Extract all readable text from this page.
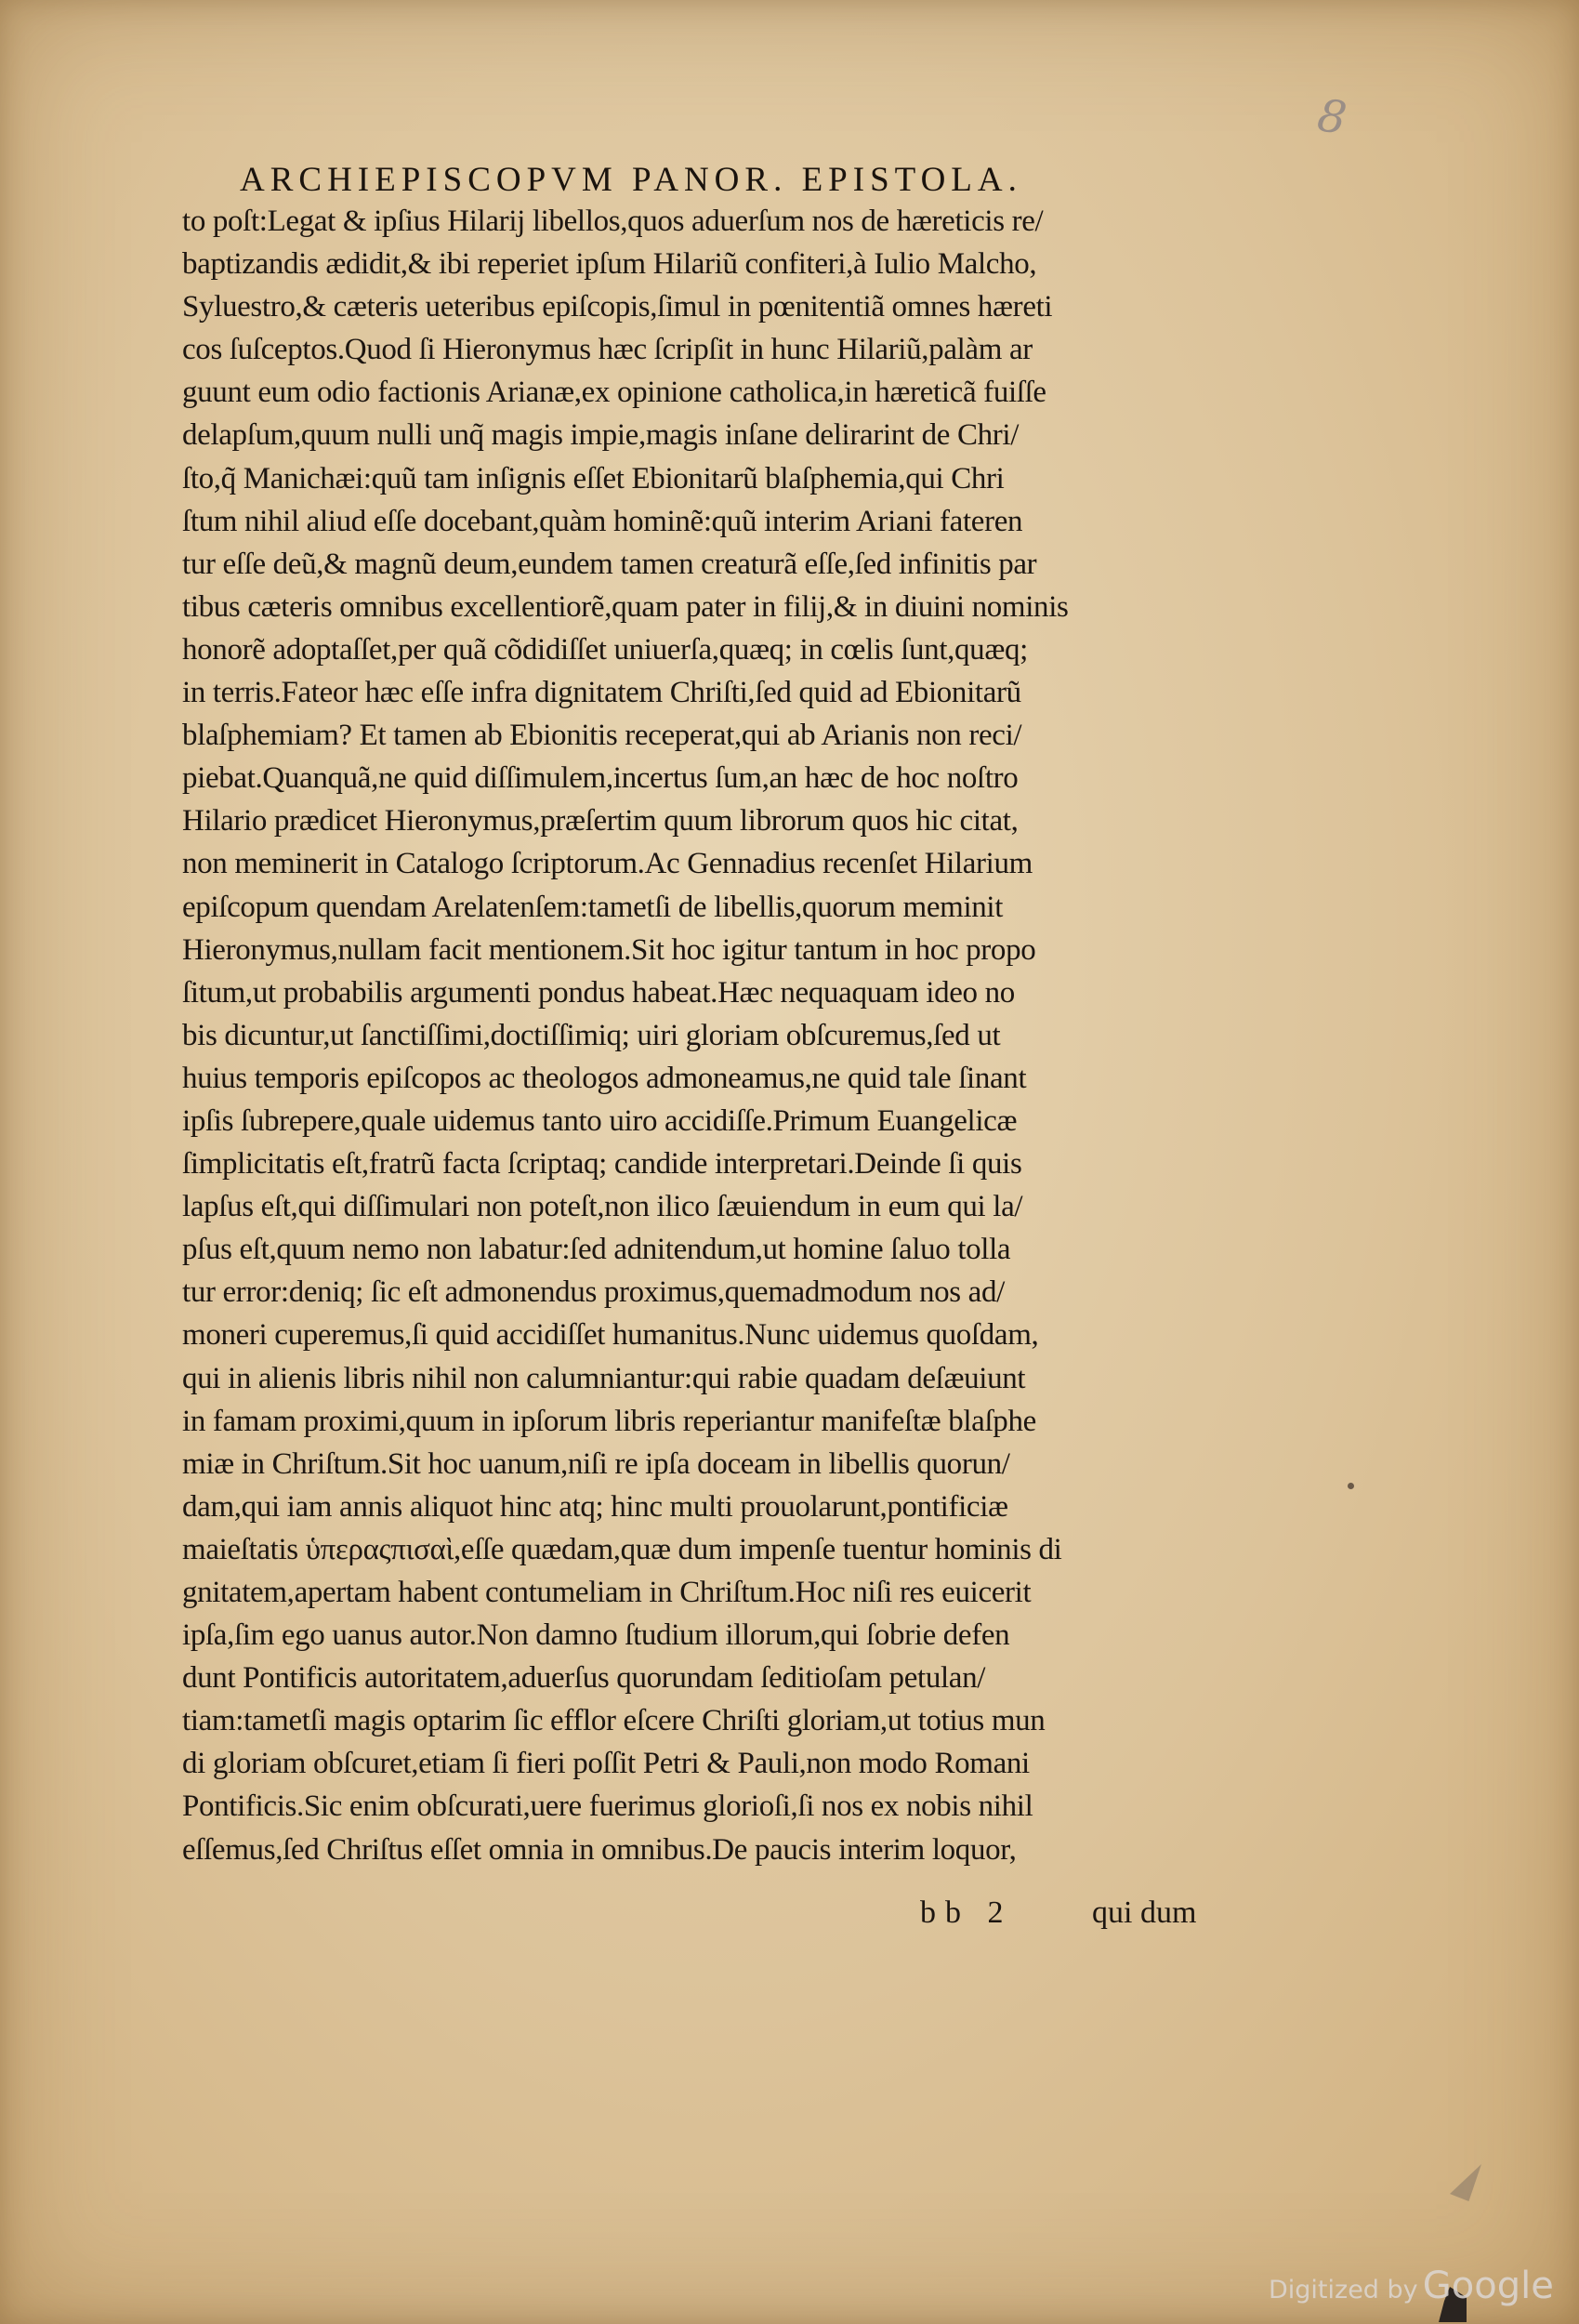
8
ARCHIEPISCOPVM PANOR. EPISTOLA.
to poſt:Legat & ipſius Hilarij libellos,quos aduerſum nos de hæreticis re/
baptizandis ædidit,& ibi reperiet ipſum Hilariũ confiteri,à Iulio Malcho,
Syluestro,& cæteris ueteribus epiſcopis,ſimul in pœnitentiã omnes hæreti
cos ſuſceptos.Quod ſi Hieronymus hæc ſcripſit in hunc Hilariũ,palàm ar
guunt eum odio factionis Arianæ,ex opinione catholica,in hæreticã fuiſſe
delapſum,quum nulli unq̃ magis impie,magis inſane delirarint de Chri/
ſto,q̃ Manichæi:quũ tam inſignis eſſet Ebionitarũ blaſphemia,qui Chri
ſtum nihil aliud eſſe docebant,quàm hominẽ:quũ interim Ariani fateren
tur eſſe deũ,& magnũ deum,eundem tamen creaturã eſſe,ſed infinitis par
tibus cæteris omnibus excellentiorẽ,quam pater in filij,& in diuini nominis
honorẽ adoptaſſet,per quã cõdidiſſet uniuerſa,quæq; in cœlis ſunt,quæq;
in terris.Fateor hæc eſſe infra dignitatem Chriſti,ſed quid ad Ebionitarũ
blaſphemiam? Et tamen ab Ebionitis receperat,qui ab Arianis non reci/
piebat.Quanquã,ne quid diſſimulem,incertus ſum,an hæc de hoc noſtro
Hilario prædicet Hieronymus,præſertim quum librorum quos hic citat,
non meminerit in Catalogo ſcriptorum.Ac Gennadius recenſet Hilarium
epiſcopum quendam Arelatenſem:tametſi de libellis,quorum meminit
Hieronymus,nullam facit mentionem.Sit hoc igitur tantum in hoc propo
ſitum,ut probabilis argumenti pondus habeat.Hæc nequaquam ideo no
bis dicuntur,ut ſanctiſſimi,doctiſſimiq; uiri gloriam obſcuremus,ſed ut
huius temporis epiſcopos ac theologos admoneamus,ne quid tale ſinant
ipſis ſubrepere,quale uidemus tanto uiro accidiſſe.Primum Euangelicæ
ſimplicitatis eſt,fratrũ facta ſcriptaq; candide interpretari.Deinde ſi quis
lapſus eſt,qui diſſimulari non poteſt,non ilico ſæuiendum in eum qui la/
pſus eſt,quum nemo non labatur:ſed adnitendum,ut homine ſaluo tolla
tur error:deniq; ſic eſt admonendus proximus,quemadmodum nos ad/
moneri cuperemus,ſi quid accidiſſet humanitus.Nunc uidemus quoſdam,
qui in alienis libris nihil non calumniantur:qui rabie quadam deſæuiunt
in famam proximi,quum in ipſorum libris reperiantur manifeſtæ blaſphe
miæ in Chriſtum.Sit hoc uanum,niſi re ipſa doceam in libellis quorun/
dam,qui iam annis aliquot hinc atq; hinc multi prouolarunt,pontificiæ
maieſtatis ὑπεραςπισαὶ,eſſe quædam,quæ dum impenſe tuentur hominis di
gnitatem,apertam habent contumeliam in Chriſtum.Hoc niſi res euicerit
ipſa,ſim ego uanus autor.Non damno ſtudium illorum,qui ſobrie defen
dunt Pontificis autoritatem,aduerſus quorundam ſeditioſam petulan/
tiam:tametſi magis optarim ſic efflor eſcere Chriſti gloriam,ut totius mun
di gloriam obſcuret,etiam ſi fieri poſſit Petri & Pauli,non modo Romani
Pontificis.Sic enim obſcurati,uere fuerimus glorioſi,ſi nos ex nobis nihil
eſſemus,ſed Chriſtus eſſet omnia in omnibus.De paucis interim loquor,
bb 2	qui dum
Digitized by Google
